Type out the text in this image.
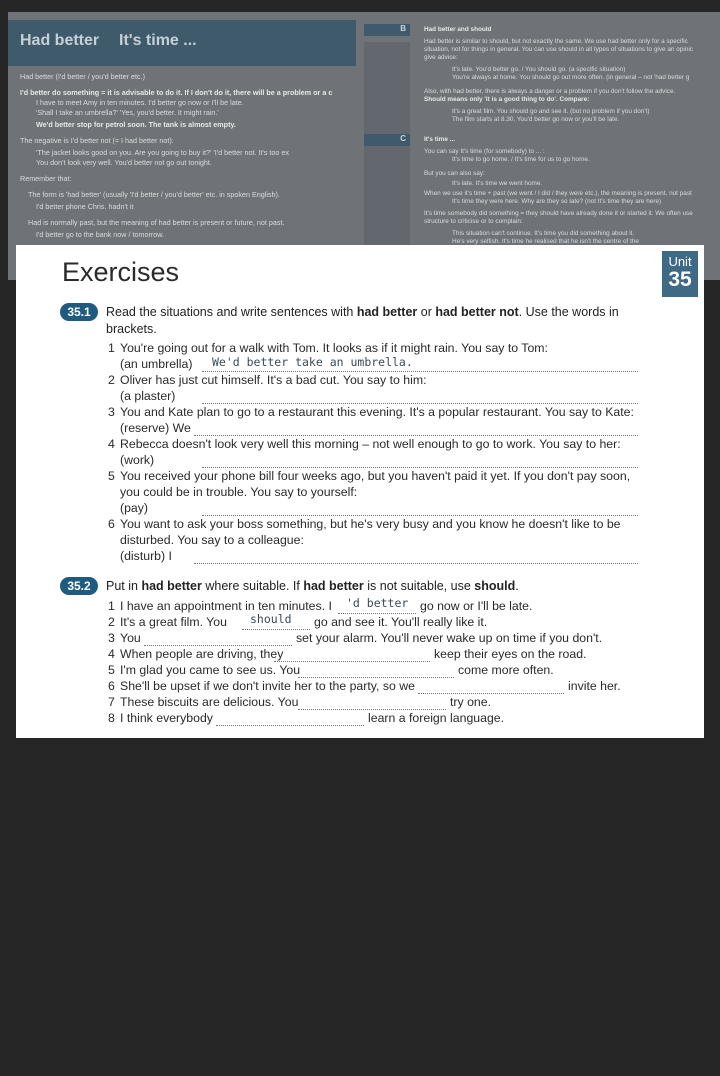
Had better It's time ...
Had better (I'd better / you'd better etc.)
I'd better do something = it is advisable to do it. If I don't do it, there will be a problem or a c
I have to meet Amy in ten minutes. I'd better go now or I'll be late.
'Shall I take an umbrella?' 'Yes, you'd better. It might rain.'
We'd better stop for petrol soon. The tank is almost empty.
The negative is I'd better not (= I had better not):
'The jacket looks good on you. Are you going to buy it?' 'I'd better not. It's too ex
You don't look very well. You'd better not go out tonight.
Remember that:
The form is 'had better' (usually 'I'd better / you'd better' etc. in spoken English).
I'd better phone Chris. hadn't it
Had is normally past, but the meaning of had better is present or future, not past.
I'd better go to the bank now / tomorrow.
B
C
Had better and should
Had better is similar to should, but not exactly the same. We use had better only for a specific
situation, not for things in general. You can use should in all types of situations to give an opinic
give advice:
It's late. You'd better go. / You should go. (a specific situation)
You're always at home. You should go out more often. (in general – not 'had better g
Also, with had better, there is always a danger or a problem if you don't follow the advice.
Should means only 'it is a good thing to do'. Compare:
It's a great film. You should go and see it. (but no problem if you don't)
The film starts at 8.30. You'd better go now or you'll be late.
It's time ...
You can say It's time (for somebody) to ... :
It's time to go home. / It's time for us to go home.
But you can also say:
It's late. It's time we went home.
When we use it's time + past (we went / I did / they were etc.), the meaning is present, not past
It's time they were here. Why are they so late? (not It's time they are here)
It's time somebody did something = they should have already done it or started it. We often use
structure to criticise or to complain:
This situation can't continue. It's time you did something about it.
He's very selfish. It's time he realised that he isn't the centre of the
Exercises	Unit
35
35.1	Read the situations and write sentences with had better or had better not. Use the words in
brackets.
1 You're going out for a walk with Tom. It looks as if it might rain. You say to Tom:
(an umbrella) We'd better take an umbrella.
2 Oliver has just cut himself. It's a bad cut. You say to him:
(a plaster)
3 You and Kate plan to go to a restaurant this evening. It's a popular restaurant. You say to Kate:
(reserve) We
4 Rebecca doesn't look very well this morning – not well enough to go to work. You say to her:
(work)
5 You received your phone bill four weeks ago, but you haven't paid it yet. If you don't pay soon,
you could be in trouble. You say to yourself:
(pay)
6 You want to ask your boss something, but he's very busy and you know he doesn't like to be
disturbed. You say to a colleague:
(disturb) I
35.2	Put in had better where suitable. If had better is not suitable, use should.
1 I have an appointment in ten minutes. I 'd better go now or I'll be late.
2 It's a great film. You should go and see it. You'll really like it.
3 You	set your alarm. You'll never wake up on time if you don't.
4 When people are driving, they	keep their eyes on the road.
5 I'm glad you came to see us. You	come more often.
6 She'll be upset if we don't invite her to the party, so we	invite her.
7 These biscuits are delicious. You	try one.
8 I think everybody	learn a foreign language.
